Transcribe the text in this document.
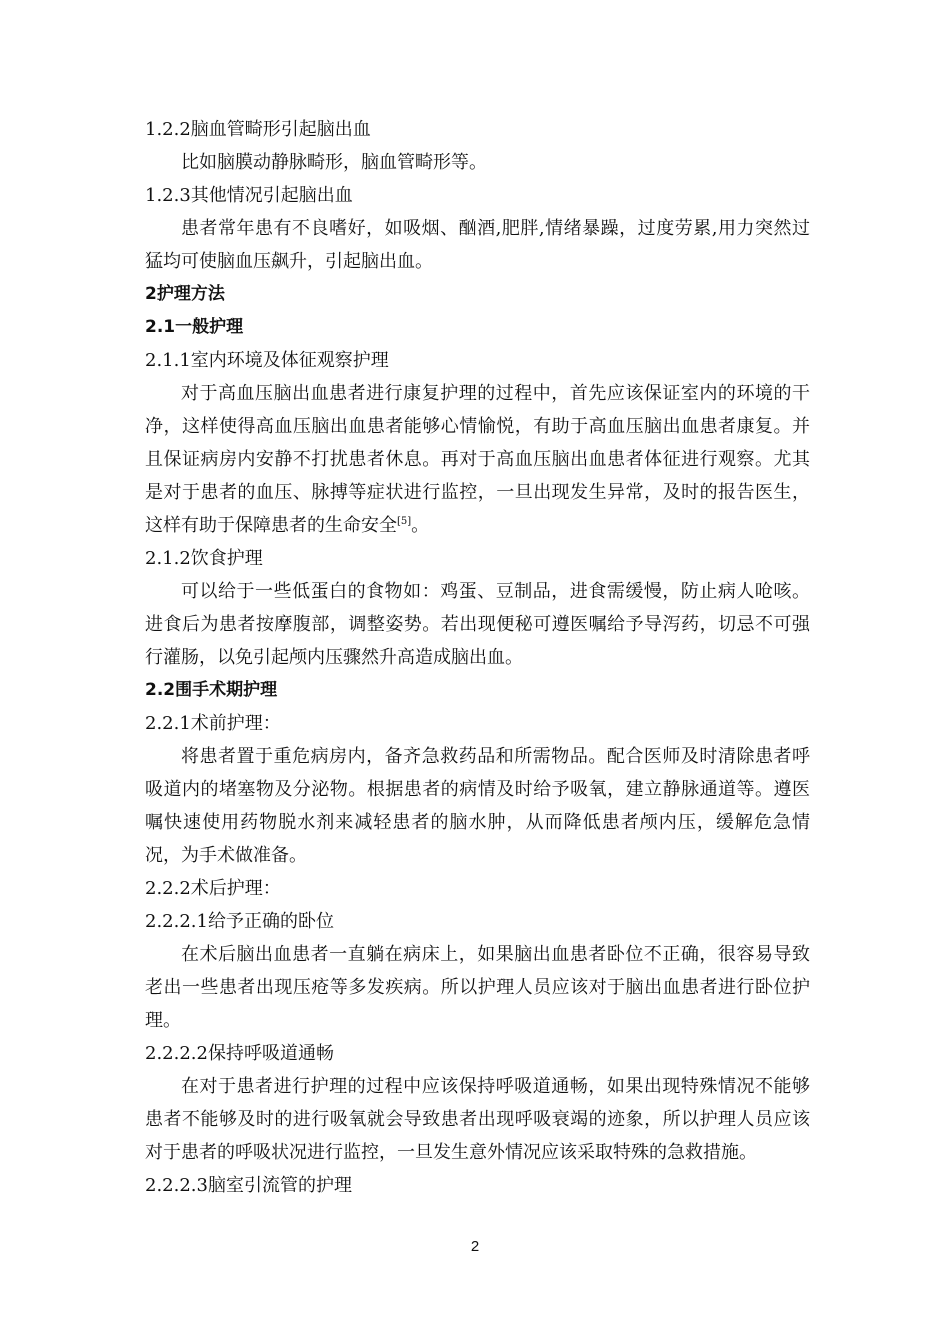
1.2.2脑血管畸形引起脑出血

比如脑膜动静脉畸形，脑血管畸形等。

1.2.3其他情况引起脑出血

患者常年患有不良嗜好，如吸烟、酗酒,肥胖,情绪暴躁，过度劳累,用力突然过猛均可使脑血压飙升，引起脑出血。

2护理方法
2.1一般护理
2.1.1室内环境及体征观察护理

对于高血压脑出血患者进行康复护理的过程中，首先应该保证室内的环境的干净，这样使得高血压脑出血患者能够心情愉悦，有助于高血压脑出血患者康复。并且保证病房内安静不打扰患者休息。再对于高血压脑出血患者体征进行观察。尤其是对于患者的血压、脉搏等症状进行监控，一旦出现发生异常，及时的报告医生，这样有助于保障患者的生命安全[5]。

2.1.2饮食护理

可以给于一些低蛋白的食物如：鸡蛋、豆制品，进食需缓慢，防止病人呛咳。进食后为患者按摩腹部，调整姿势。若出现便秘可遵医嘱给予导泻药，切忌不可强行灌肠，以免引起颅内压骤然升高造成脑出血。

2.2围手术期护理
2.2.1术前护理：

将患者置于重危病房内，备齐急救药品和所需物品。配合医师及时清除患者呼吸道内的堵塞物及分泌物。根据患者的病情及时给予吸氧，建立静脉通道等。遵医嘱快速使用药物脱水剂来减轻患者的脑水肿，从而降低患者颅内压，缓解危急情况，为手术做准备。

2.2.2术后护理：
2.2.2.1给予正确的卧位

在术后脑出血患者一直躺在病床上，如果脑出血患者卧位不正确，很容易导致老出一些患者出现压疮等多发疾病。所以护理人员应该对于脑出血患者进行卧位护理。

2.2.2.2保持呼吸道通畅

在对于患者进行护理的过程中应该保持呼吸道通畅，如果出现特殊情况不能够患者不能够及时的进行吸氧就会导致患者出现呼吸衰竭的迹象，所以护理人员应该对于患者的呼吸状况进行监控，一旦发生意外情况应该采取特殊的急救措施。

2.2.2.3脑室引流管的护理
2
